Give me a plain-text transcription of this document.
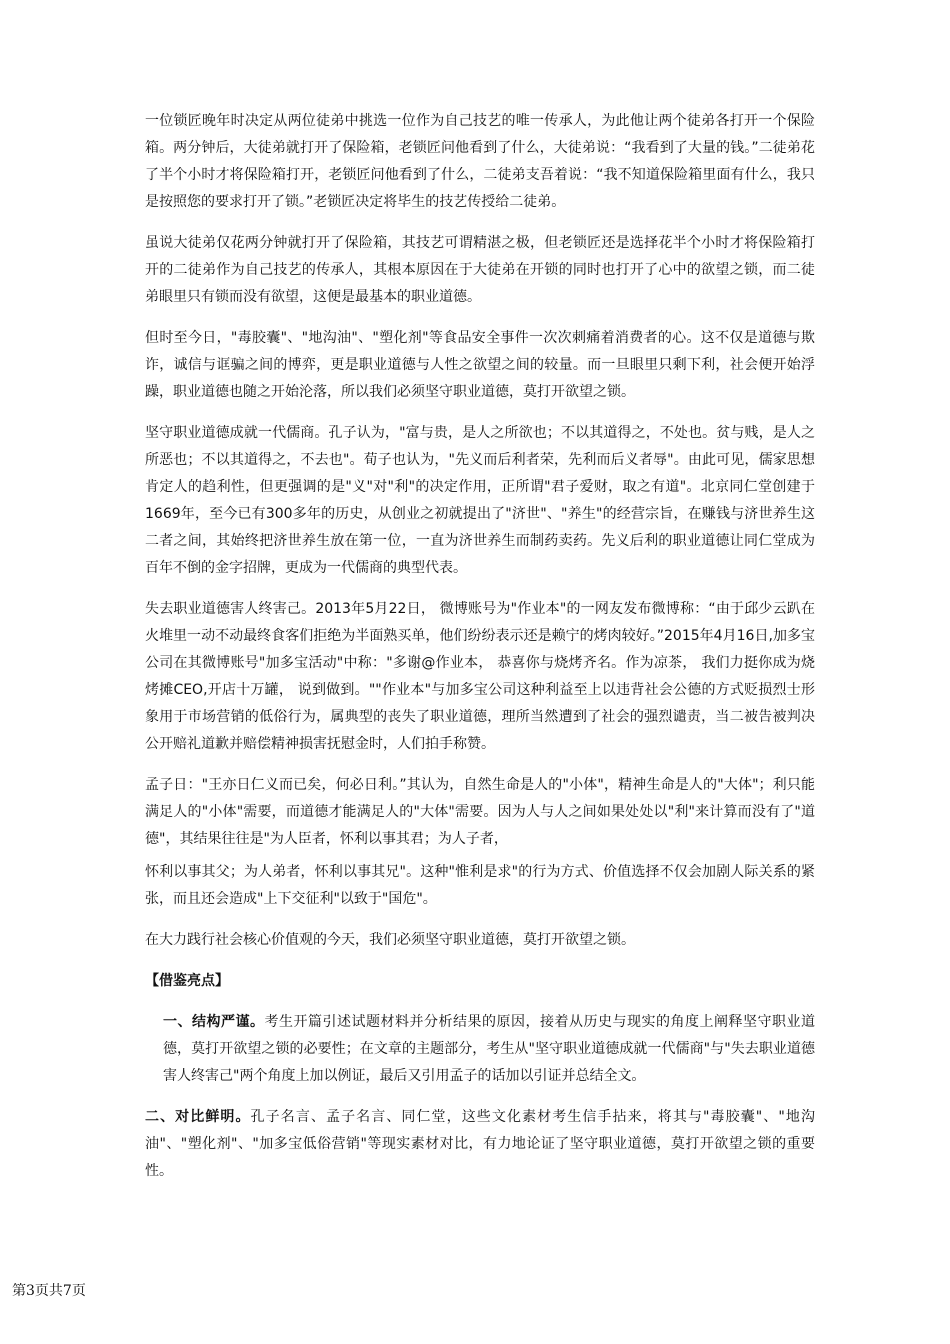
一位锁匠晚年时决定从两位徒弟中挑选一位作为自己技艺的唯一传承人，为此他让两个徒弟各打开一个保险箱。两分钟后，大徒弟就打开了保险箱，老锁匠问他看到了什么，大徒弟说：“我看到了大量的钱。”二徒弟花了半个小时才将保险箱打开，老锁匠问他看到了什么，二徒弟支吾着说：“我不知道保险箱里面有什么，我只是按照您的要求打开了锁。”老锁匠决定将毕生的技艺传授给二徒弟。

虽说大徒弟仅花两分钟就打开了保险箱，其技艺可谓精湛之极，但老锁匠还是选择花半个小时才将保险箱打开的二徒弟作为自己技艺的传承人，其根本原因在于大徒弟在开锁的同时也打开了心中的欲望之锁，而二徒弟眼里只有锁而没有欲望，这便是最基本的职业道德。

但时至今日，"毒胶囊"、"地沟油"、"塑化剂"等食品安全事件一次次刺痛着消费者的心。这不仅是道德与欺诈，诚信与诓骗之间的博弈，更是职业道德与人性之欲望之间的较量。而一旦眼里只剩下利，社会便开始浮躁，职业道德也随之开始沦落，所以我们必须坚守职业道德，莫打开欲望之锁。

坚守职业道德成就一代儒商。孔子认为，"富与贵，是人之所欲也；不以其道得之，不处也。贫与贱，是人之所恶也；不以其道得之，不去也"。荀子也认为，"先义而后利者荣，先利而后义者辱"。由此可见，儒家思想肯定人的趋利性，但更强调的是"义"对"利"的决定作用，正所谓"君子爱财，取之有道"。北京同仁堂创建于1669年，至今已有300多年的历史，从创业之初就提出了"济世"、"养生"的经营宗旨，在赚钱与济世养生这二者之间，其始终把济世养生放在第一位，一直为济世养生而制药卖药。先义后利的职业道德让同仁堂成为百年不倒的金字招牌，更成为一代儒商的典型代表。

失去职业道德害人终害己。2013年5月22日， 微博账号为"作业本"的一网友发布微博称：“由于邱少云趴在火堆里一动不动最终食客们拒绝为半面熟买单，他们纷纷表示还是赖宁的烤肉较好。”2015年4月16日,加多宝公司在其微博账号"加多宝活动"中称："多谢@作业本， 恭喜你与烧烤齐名。作为凉茶， 我们力挺你成为烧烤摊CEO,开店十万罐， 说到做到。""作业本"与加多宝公司这种利益至上以违背社会公德的方式贬损烈士形象用于市场营销的低俗行为，属典型的丧失了职业道德，理所当然遭到了社会的强烈谴责，当二被告被判决公开赔礼道歉并赔偿精神损害抚慰金时，人们拍手称赞。

孟子日："王亦日仁义而已矣，何必日利。”其认为，自然生命是人的"小体"，精神生命是人的"大体"；利只能满足人的"小体"需要，而道德才能满足人的"大体"需要。因为人与人之间如果处处以"利"来计算而没有了"道德"，其结果往往是"为人臣者，怀利以事其君；为人子者，

怀利以事其父；为人弟者，怀利以事其兄"。这种"惟利是求"的行为方式、价值选择不仅会加剧人际关系的紧张，而且还会造成"上下交征利"以致于"国危"。

在大力践行社会核心价值观的今天，我们必须坚守职业道德，莫打开欲望之锁。

【借鉴亮点】

一、结构严谨。考生开篇引述试题材料并分析结果的原因，接着从历史与现实的角度上阐释坚守职业道德，莫打开欲望之锁的必要性；在文章的主题部分，考生从"坚守职业道德成就一代儒商"与"失去职业道德害人终害己"两个角度上加以例证，最后又引用孟子的话加以引证并总结全文。

二、对比鲜明。孔子名言、孟子名言、同仁堂，这些文化素材考生信手拈来，将其与"毒胶囊"、"地沟油"、"塑化剂"、"加多宝低俗营销"等现实素材对比，有力地论证了坚守职业道德，莫打开欲望之锁的重要性。

第3页共7页
